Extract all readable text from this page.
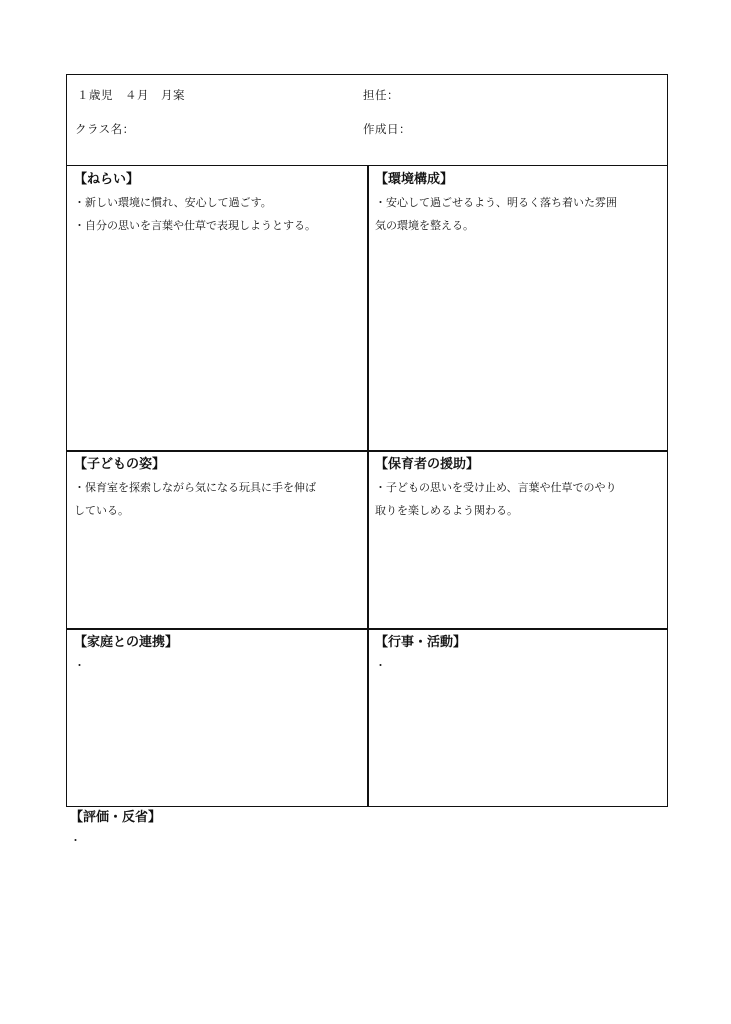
１歳児　４月　月案	担任：
クラス名：	作成日：
【ねらい】
・新しい環境に慣れ、安心して過ごす。
・自分の思いを言葉や仕草で表現しようとする。
【環境構成】
・安心して過ごせるよう、明るく落ち着いた雰囲
気の環境を整える。
【子どもの姿】
・保育室を探索しながら気になる玩具に手を伸ば
している。
【保育者の援助】
・子どもの思いを受け止め、言葉や仕草でのやり
取りを楽しめるよう関わる。
【家庭との連携】
・
【行事・活動】
・
【評価・反省】
・
